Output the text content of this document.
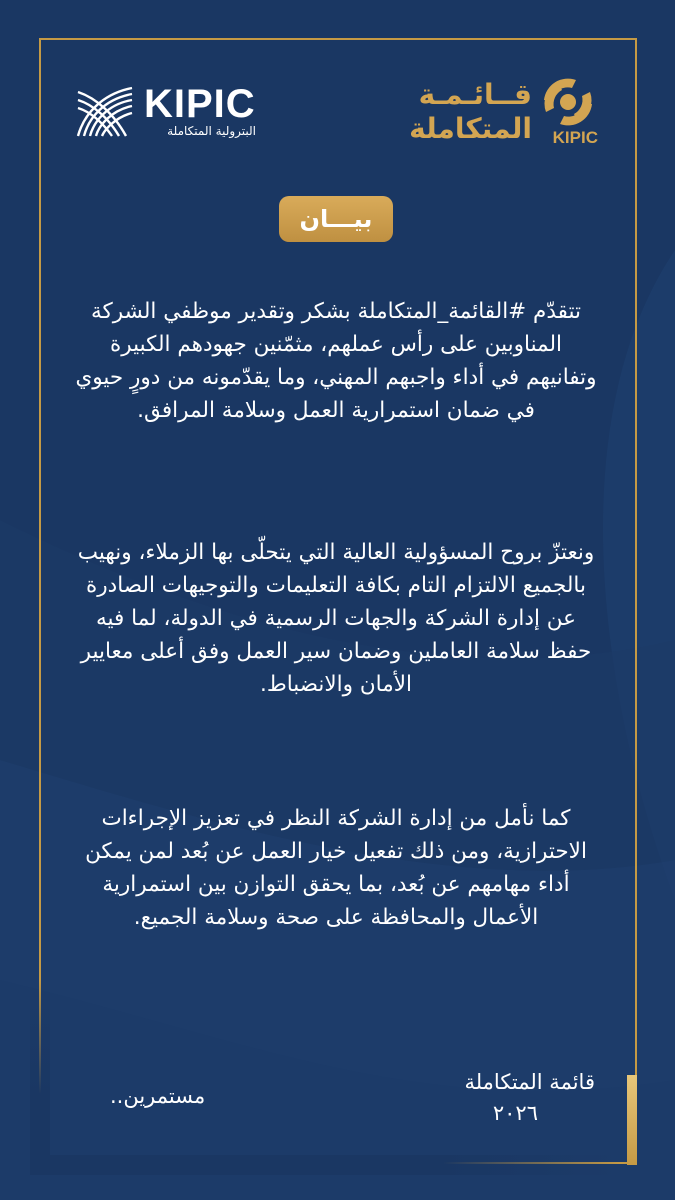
KIPIC
البترولية المتكاملة
قــائـمـة
المتكاملة KIPIC
بيـــان
تتقدّم #القائمة_المتكاملة بشكر وتقدير موظفي الشركة المناوبين على رأس عملهم، مثمّنين جهودهم الكبيرة وتفانيهم في أداء واجبهم المهني، وما يقدّمونه من دورٍ حيوي في ضمان استمرارية العمل وسلامة المرافق.
ونعتزّ بروح المسؤولية العالية التي يتحلّى بها الزملاء، ونهيب بالجميع الالتزام التام بكافة التعليمات والتوجيهات الصادرة عن إدارة الشركة والجهات الرسمية في الدولة، لما فيه حفظ سلامة العاملين وضمان سير العمل وفق أعلى معايير الأمان والانضباط.
كما نأمل من إدارة الشركة النظر في تعزيز الإجراءات الاحترازية، ومن ذلك تفعيل خيار العمل عن بُعد لمن يمكن أداء مهامهم عن بُعد، بما يحقق التوازن بين استمرارية الأعمال والمحافظة على صحة وسلامة الجميع.
قائمة المتكاملة
٢٠٢٦
مستمرين..
